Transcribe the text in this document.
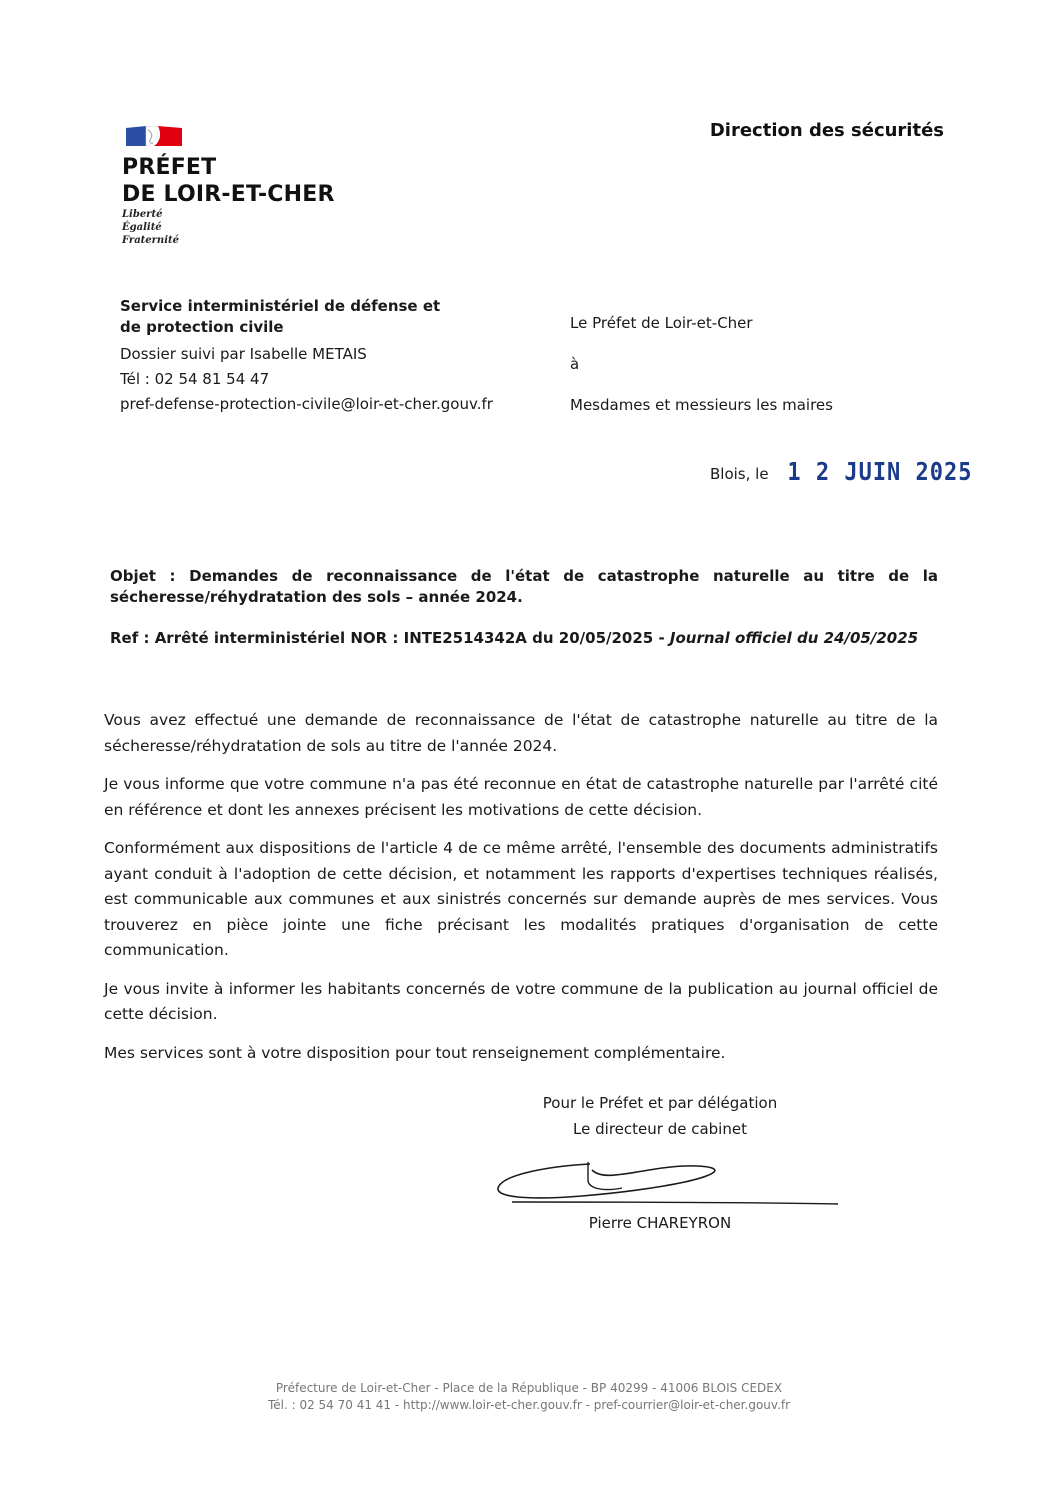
PRÉFET
DE LOIR-ET-CHER
Liberté
Égalité
Fraternité
Direction des sécurités
Service interministériel de défense et
de protection civile
Dossier suivi par Isabelle METAIS
Tél : 02 54 81 54 47
pref-defense-protection-civile@loir-et-cher.gouv.fr
Le Préfet de Loir-et-Cher
à
Mesdames et messieurs les maires
Blois, le 1 2 JUIN 2025
Objet : Demandes de reconnaissance de l'état de catastrophe naturelle au titre de la sécheresse/réhydratation des sols – année 2024.
Ref : Arrêté interministériel NOR : INTE2514342A du 20/05/2025 - Journal officiel du 24/05/2025

Vous avez effectué une demande de reconnaissance de l'état de catastrophe naturelle au titre de la sécheresse/réhydratation de sols au titre de l'année 2024.

Je vous informe que votre commune n'a pas été reconnue en état de catastrophe naturelle par l'arrêté cité en référence et dont les annexes précisent les motivations de cette décision.

Conformément aux dispositions de l'article 4 de ce même arrêté, l'ensemble des documents administratifs ayant conduit à l'adoption de cette décision, et notamment les rapports d'expertises techniques réalisés, est communicable aux communes et aux sinistrés concernés sur demande auprès de mes services. Vous trouverez en pièce jointe une fiche précisant les modalités pratiques d'organisation de cette communication.

Je vous invite à informer les habitants concernés de votre commune de la publication au journal officiel de cette décision.

Mes services sont à votre disposition pour tout renseignement complémentaire.

Pour le Préfet et par délégation
Le directeur de cabinet
Pierre CHAREYRON
Préfecture de Loir-et-Cher - Place de la République - BP 40299 - 41006 BLOIS CEDEX
Tél. : 02 54 70 41 41 - http://www.loir-et-cher.gouv.fr - pref-courrier@loir-et-cher.gouv.fr
